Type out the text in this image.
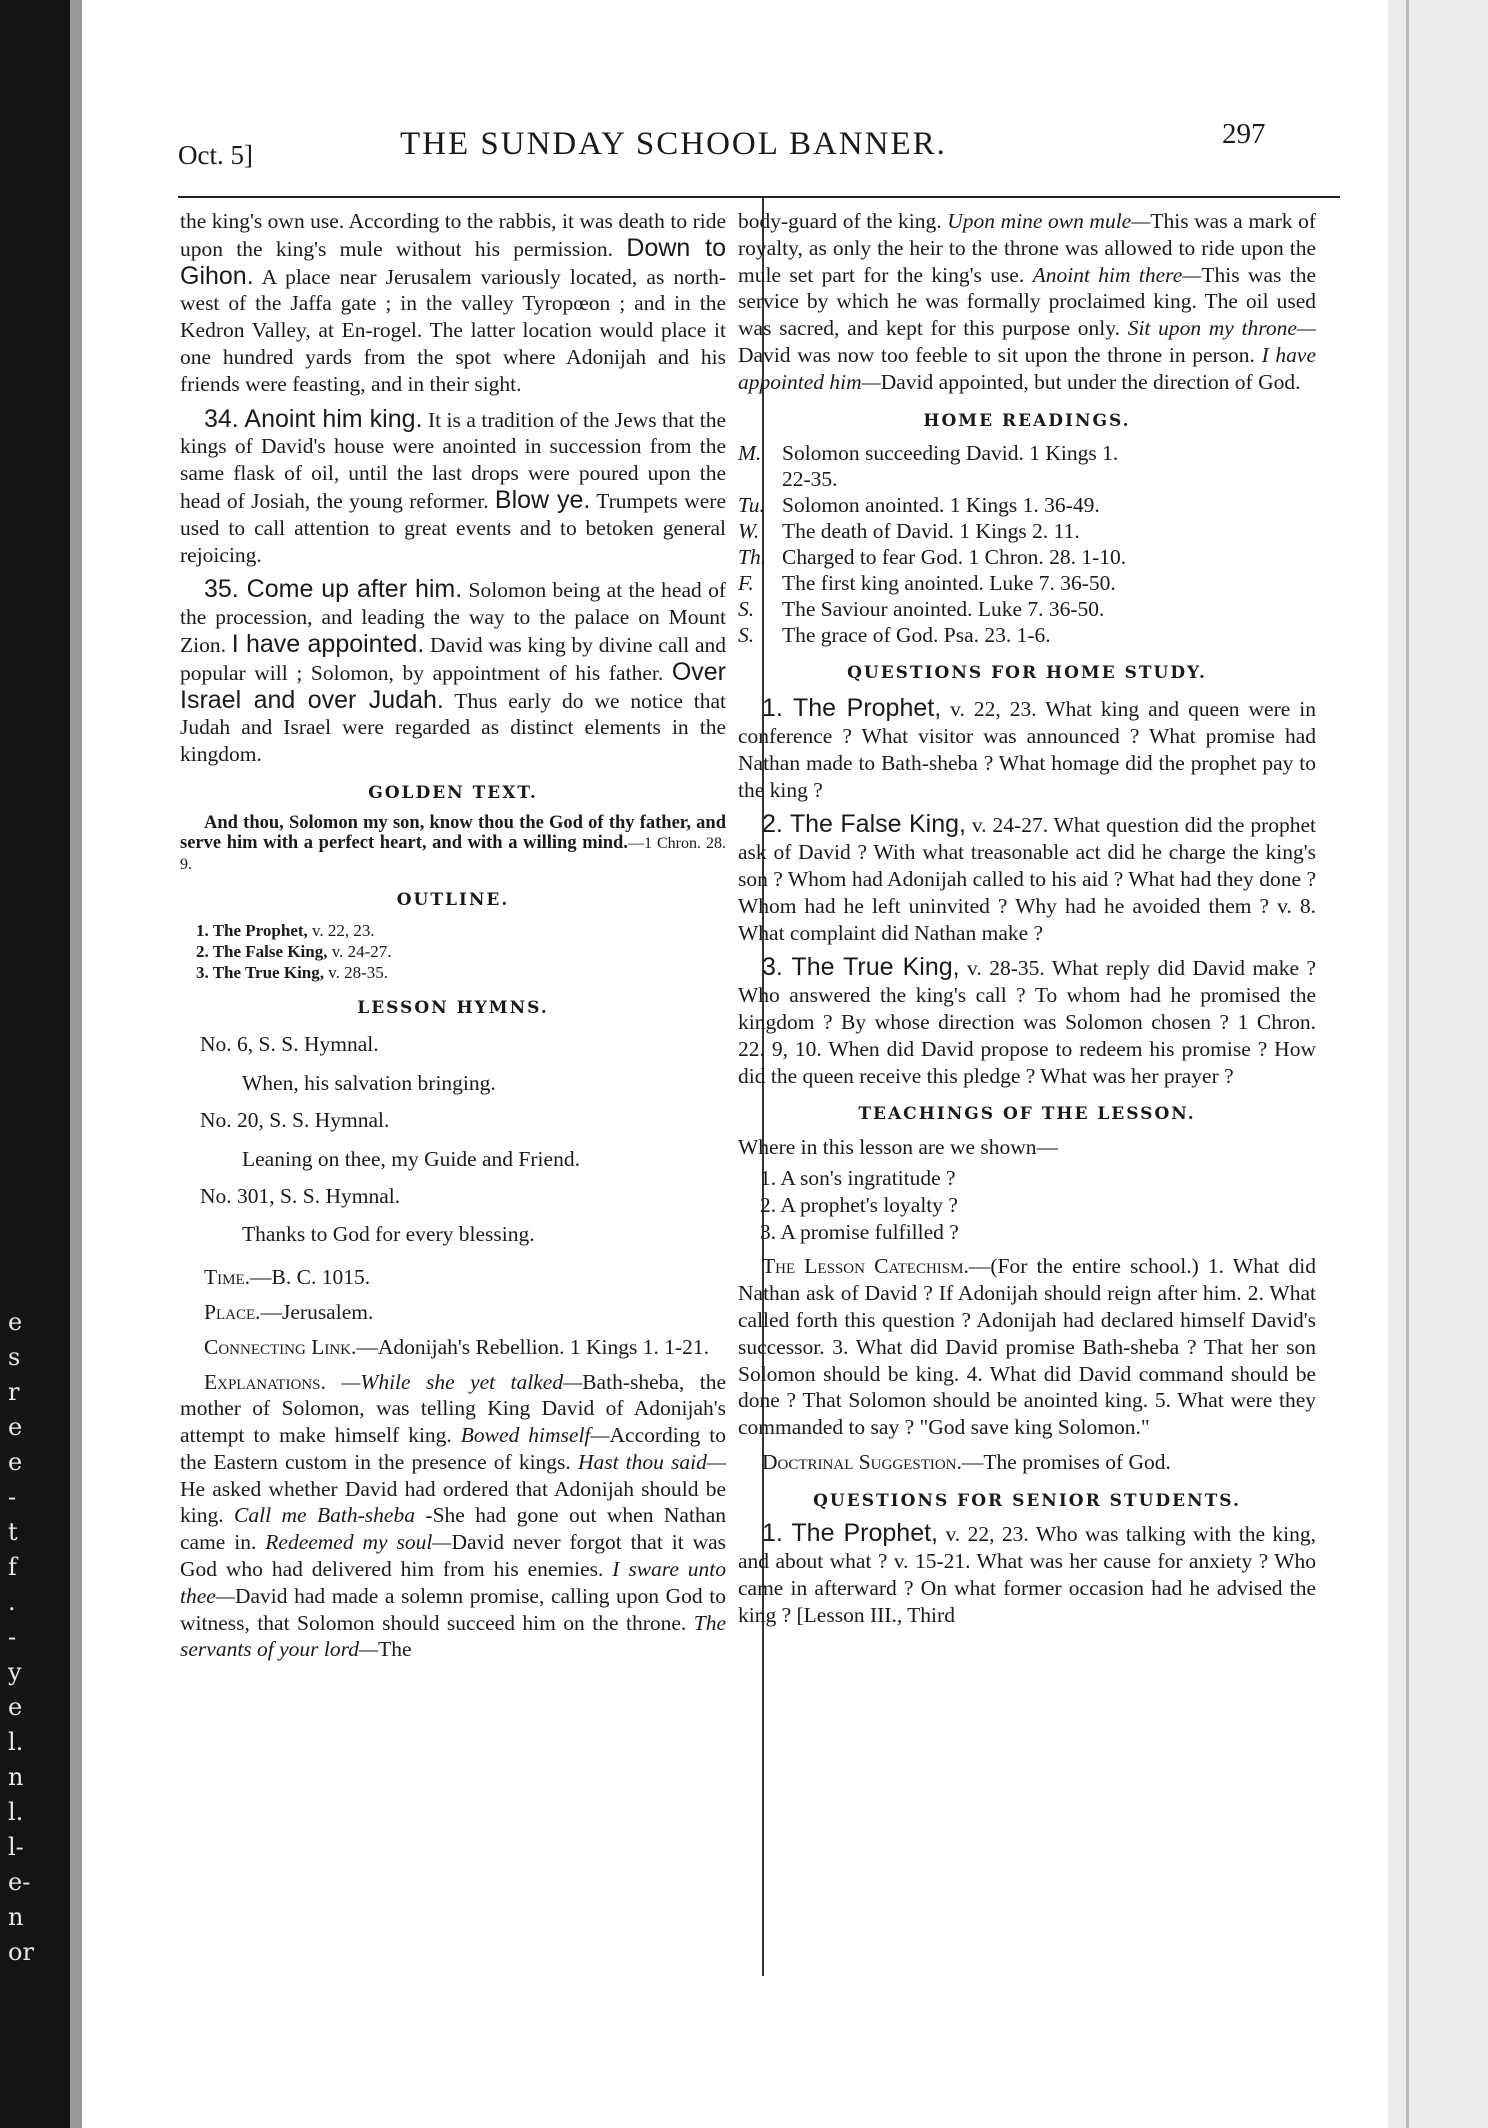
e
s
r
e
e
-
t
f
.
-
y
e
l.
n
l.
l-
e-
n
or
Oct. 5]	THE SUNDAY SCHOOL BANNER.	297

the king's own use. According to the rabbis, it was death to ride upon the king's mule without his permission. Down to Gihon. A place near Jerusalem variously located, as north-west of the Jaffa gate ; in the valley Tyropœon ; and in the Kedron Valley, at En-rogel. The latter location would place it one hundred yards from the spot where Adonijah and his friends were feasting, and in their sight.

34. Anoint him king. It is a tradition of the Jews that the kings of David's house were anointed in succession from the same flask of oil, until the last drops were poured upon the head of Josiah, the young reformer. Blow ye. Trumpets were used to call attention to great events and to betoken general rejoicing.

35. Come up after him. Solomon being at the head of the procession, and leading the way to the palace on Mount Zion. I have appointed. David was king by divine call and popular will ; Solomon, by appointment of his father. Over Israel and over Judah. Thus early do we notice that Judah and Israel were regarded as distinct elements in the kingdom.

GOLDEN TEXT.

And thou, Solomon my son, know thou the God of thy father, and serve him with a perfect heart, and with a willing mind.—1 Chron. 28. 9.

OUTLINE.
1. The Prophet, v. 22, 23.
2. The False King, v. 24-27.
3. The True King, v. 28-35.
LESSON HYMNS.

No. 6, S. S. Hymnal.

When, his salvation bringing.

No. 20, S. S. Hymnal.

Leaning on thee, my Guide and Friend.

No. 301, S. S. Hymnal.

Thanks to God for every blessing.

Time.—B. C. 1015.

Place.—Jerusalem.

Connecting Link.—Adonijah's Rebellion. 1 Kings 1. 1-21.

Explanations. —While she yet talked—Bath-sheba, the mother of Solomon, was telling King David of Adonijah's attempt to make himself king. Bowed himself—According to the Eastern custom in the presence of kings. Hast thou said—He asked whether David had ordered that Adonijah should be king. Call me Bath-sheba -She had gone out when Nathan came in. Redeemed my soul—David never forgot that it was God who had delivered him from his enemies. I sware unto thee—David had made a solemn promise, calling upon God to witness, that Solomon should succeed him on the throne. The servants of your lord—The

body-guard of the king. Upon mine own mule—This was a mark of royalty, as only the heir to the throne was allowed to ride upon the mule set part for the king's use. Anoint him there—This was the service by which he was formally proclaimed king. The oil used was sacred, and kept for this purpose only. Sit upon my throne—David was now too feeble to sit upon the throne in person. I have appointed him—David appointed, but under the direction of God.

HOME READINGS.
M. Solomon succeeding David. 1 Kings 1.
22-35.
Tu. Solomon anointed. 1 Kings 1. 36-49.
W.	The death of David. 1 Kings 2. 11.
Th. Charged to fear God. 1 Chron. 28. 1-10.
F.	The first king anointed. Luke 7. 36-50.
S.	The Saviour anointed. Luke 7. 36-50.
S.	The grace of God. Psa. 23. 1-6.
QUESTIONS FOR HOME STUDY.

1. The Prophet, v. 22, 23. What king and queen were in conference ? What visitor was announced ? What promise had Nathan made to Bath-sheba ? What homage did the prophet pay to the king ?

2. The False King, v. 24-27. What question did the prophet ask of David ? With what treasonable act did he charge the king's son ? Whom had Adonijah called to his aid ? What had they done ? Whom had he left uninvited ? Why had he avoided them ? v. 8. What complaint did Nathan make ?

3. The True King, v. 28-35. What reply did David make ? Who answered the king's call ? To whom had he promised the kingdom ? By whose direction was Solomon chosen ? 1 Chron. 22. 9, 10. When did David propose to redeem his promise ? How did the queen receive this pledge ? What was her prayer ?

TEACHINGS OF THE LESSON.

Where in this lesson are we shown—

1. A son's ingratitude ?
2. A prophet's loyalty ?
3. A promise fulfilled ?

The Lesson Catechism.—(For the entire school.) 1. What did Nathan ask of David ? If Adonijah should reign after him. 2. What called forth this question ? Adonijah had declared himself David's successor. 3. What did David promise Bath-sheba ? That her son Solomon should be king. 4. What did David command should be done ? That Solomon should be anointed king. 5. What were they commanded to say ? "God save king Solomon."

Doctrinal Suggestion.—The promises of God.

QUESTIONS FOR SENIOR STUDENTS.

1. The Prophet, v. 22, 23. Who was talking with the king, and about what ? v. 15-21. What was her cause for anxiety ? Who came in afterward ? On what former occasion had he advised the king ? [Lesson III., Third
